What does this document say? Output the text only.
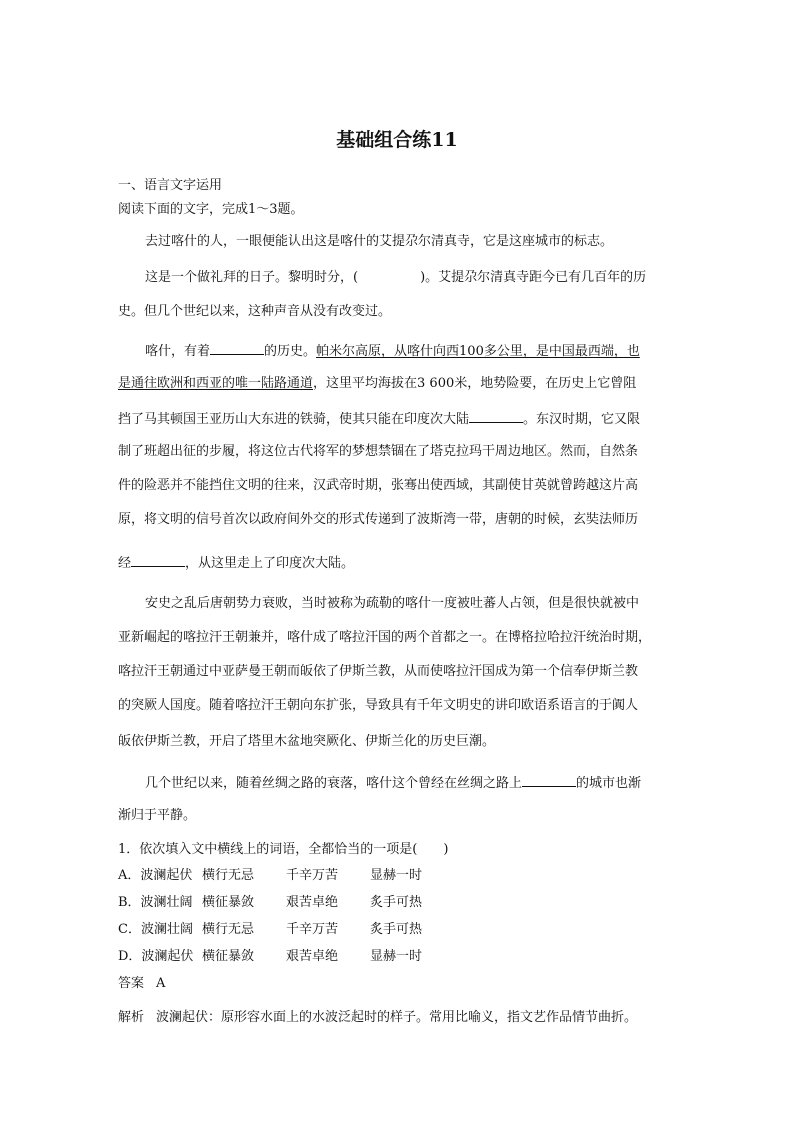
基础组合练11
一、语言文字运用
阅读下面的文字，完成1～3题。
去过喀什的人，一眼便能认出这是喀什的艾提尕尔清真寺，它是这座城市的标志。
这是一个做礼拜的日子。黎明时分，(	)。艾提尕尔清真寺距今已有几百年的历
史。但几个世纪以来，这种声音从没有改变过。
喀什，有着	的历史。帕米尔高原，从喀什向西100多公里，是中国最西端，也
是通往欧洲和西亚的唯一陆路通道，这里平均海拔在3 600米，地势险要，在历史上它曾阻
挡了马其顿国王亚历山大东进的铁骑，使其只能在印度次大陆	。东汉时期，它又限
制了班超出征的步履，将这位古代将军的梦想禁锢在了塔克拉玛干周边地区。然而，自然条
件的险恶并不能挡住文明的往来，汉武帝时期，张骞出使西域，其副使甘英就曾跨越这片高
原，将文明的信号首次以政府间外交的形式传递到了波斯湾一带，唐朝的时候，玄奘法师历
经	，从这里走上了印度次大陆。
安史之乱后唐朝势力衰败，当时被称为疏勒的喀什一度被吐蕃人占领，但是很快就被中
亚新崛起的喀拉汗王朝兼并，喀什成了喀拉汗国的两个首都之一。在博格拉哈拉汗统治时期，
喀拉汗王朝通过中亚萨曼王朝而皈依了伊斯兰教，从而使喀拉汗国成为第一个信奉伊斯兰教
的突厥人国度。随着喀拉汗王朝向东扩张，导致具有千年文明史的讲印欧语系语言的于阗人
皈依伊斯兰教，开启了塔里木盆地突厥化、伊斯兰化的历史巨潮。
几个世纪以来，随着丝绸之路的衰落，喀什这个曾经在丝绸之路上	的城市也渐
渐归于平静。
1．依次填入文中横线上的词语，全都恰当的一项是(　　)
A．波澜起伏 横行无忌 千辛万苦 显赫一时
B．波澜壮阔 横征暴敛 艰苦卓绝 炙手可热
C．波澜壮阔 横行无忌 千辛万苦 炙手可热
D．波澜起伏 横征暴敛 艰苦卓绝 显赫一时
答案 A
解析 波澜起伏：原形容水面上的水波泛起时的样子。常用比喻义，指文艺作品情节曲折。
